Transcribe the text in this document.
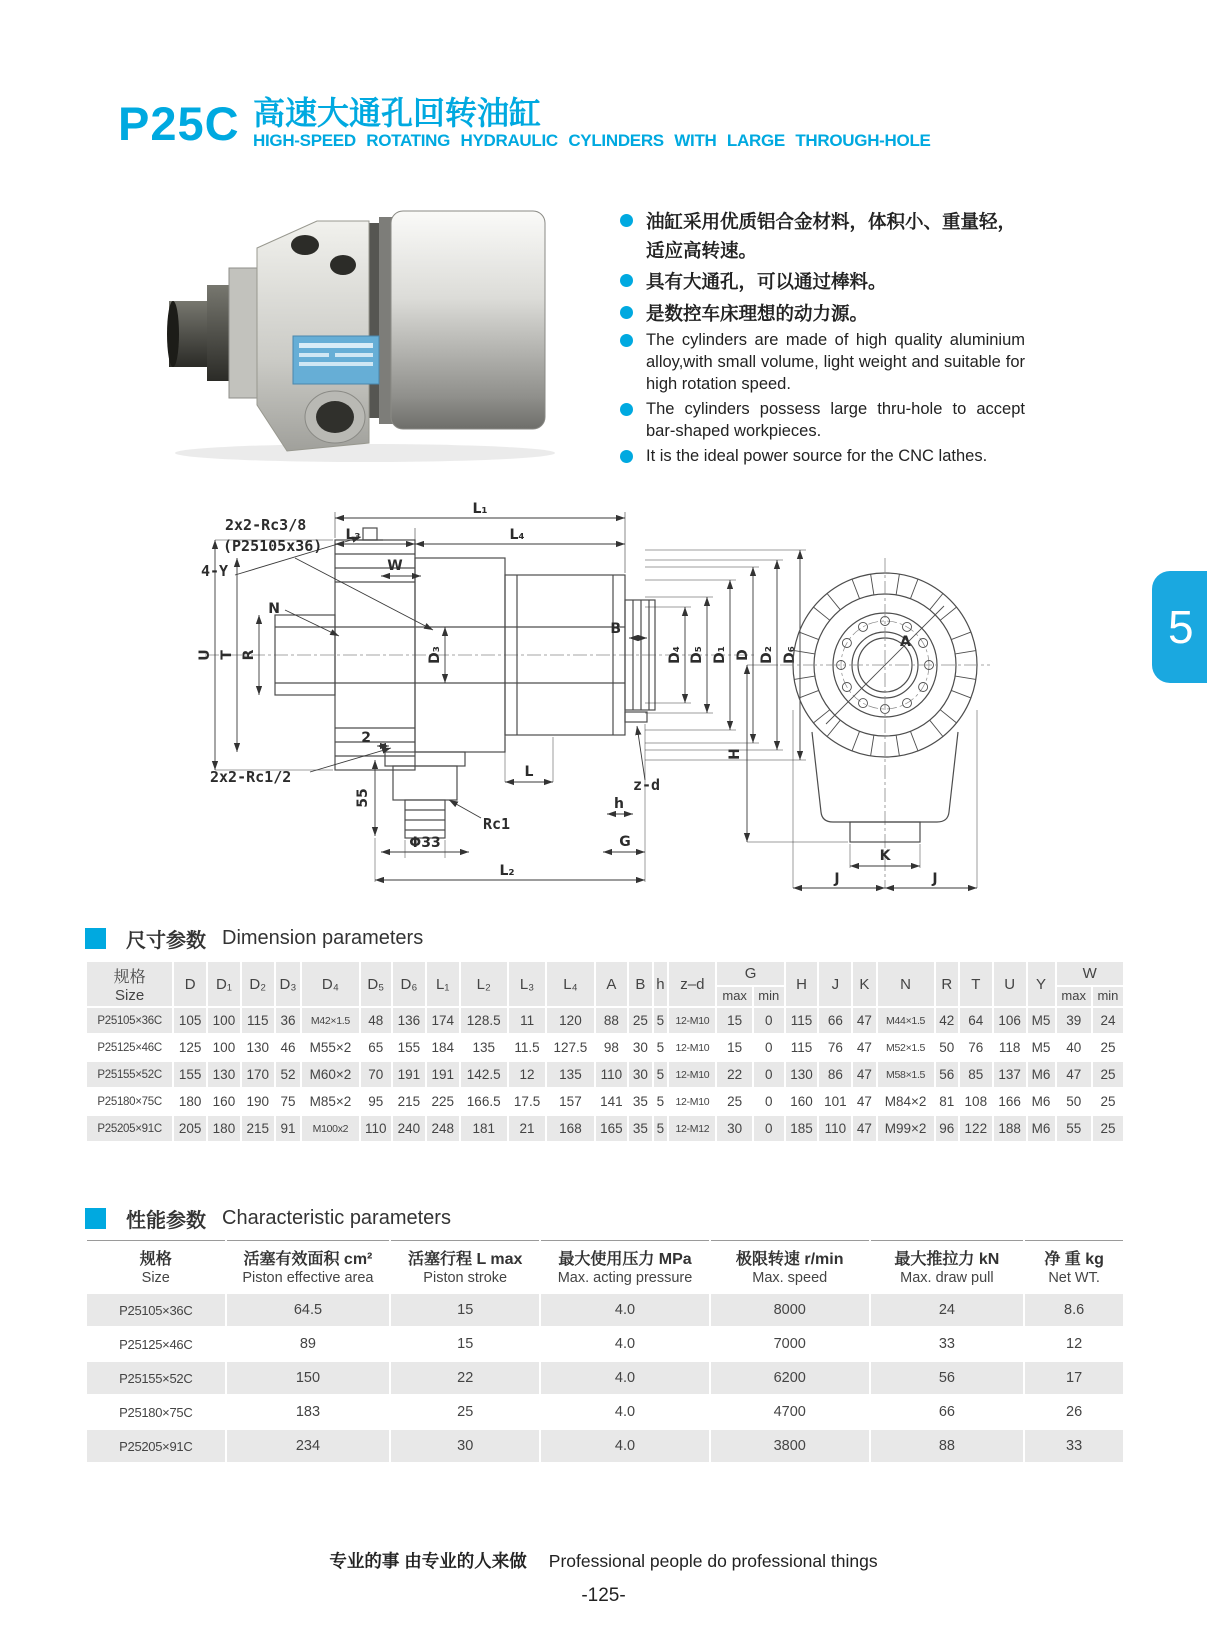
P25C 高速大通孔回转油缸
HIGH-SPEED ROTATING HYDRAULIC CYLINDERS WITH LARGE THROUGH-HOLE
油缸采用优质铝合金材料，体积小、重量轻，适应高转速。
具有大通孔，可以通过棒料。
是数控车床理想的动力源。
The cylinders are made of high quality aluminium alloy,with small volume, light weight and suitable for high rotation speed.
The cylinders possess large thru-hole to accept bar-shaped workpieces.
It is the ideal power source for the CNC lathes.
5
2x2-Rc3/8
(P25105x36)
4-Y	W
N
U T R
L₁
L₃	L₄
D₃
B
D₄ D₅ D₁ D D₂ D₆
2
2x2-Rc1/2
55
Φ33
Rc1
L
z-d
h
G
L₂
A
H
K
J	J
尺寸参数 Dimension parameters
规格
Size	D	D₁	D₂	D₃	D₄	D₅	D₆	L₁	L₂	L₃	L₄	A	B	h	z–d	G		H	J	K	N	R	T	U	Y	W	
																max	min									max	min
P25105×36C	105	100	115	36	M42×1.5	48	136	174	128.5	11	120	88	25	5	12-M10	15	0	115	66	47	M44×1.5	42	64	106	M5	39	24
P25125×46C	125	100	130	46	M55×2	65	155	184	135	11.5	127.5	98	30	5	12-M10	15	0	115	76	47	M52×1.5	50	76	118	M5	40	25
P25155×52C	155	130	170	52	M60×2	70	191	191	142.5	12	135	110	30	5	12-M10	22	0	130	86	47	M58×1.5	56	85	137	M6	47	25
P25180×75C	180	160	190	75	M85×2	95	215	225	166.5	17.5	157	141	35	5	12-M10	25	0	160	101	47	M84×2	81	108	166	M6	50	25
P25205×91C	205	180	215	91	M100x2	110	240	248	181	21	168	165	35	5	12-M12	30	0	185	110	47	M99×2	96	122	188	M6	55	25
性能参数 Characteristic parameters
规格
Size

活塞有效面积 cm²
Piston effective area

活塞行程 L max
Piston stroke

最大使用压力 MPa
Max. acting pressure

极限转速 r/min
Max. speed

最大推拉力 kN
Max. draw pull

净 重 kg
Net WT.

P25105×36C	64.5	15	4.0	8000	24	8.6
P25125×46C	89	15	4.0	7000	33	12
P25155×52C	150	22	4.0	6200	56	17
P25180×75C	183	25	4.0	4700	66	26
P25205×91C	234	30	4.0	3800	88	33
专业的事 由专业的人来做 Professional people do professional things
-125-
